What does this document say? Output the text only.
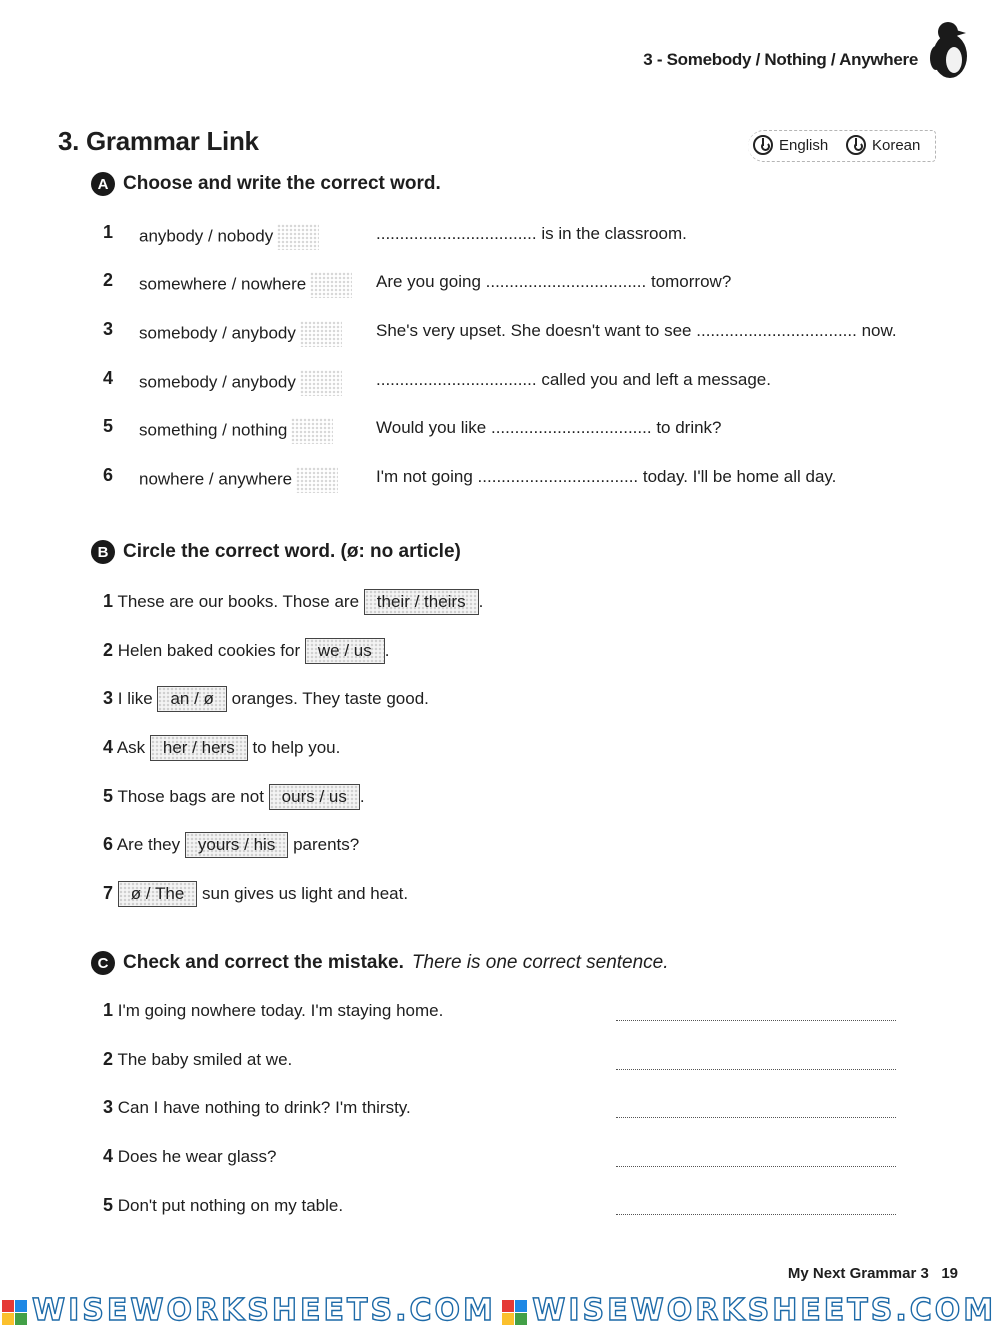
3 - Somebody / Nothing / Anywhere
3. Grammar Link	English	Korean
A Choose and write the correct word.
1 anybody / nobody	.................................. is in the classroom.
2 somewhere / nowhere	Are you going .................................. tomorrow?
3 somebody / anybody	She's very upset. She doesn't want to see .................................. now.
4 somebody / anybody	.................................. called you and left a message.
5 something / nothing	Would you like .................................. to drink?
6 nowhere / anywhere	I'm not going .................................. today. I'll be home all day.
B Circle the correct word. (ø: no article)
1 These are our books. Those are their / theirs .
2 Helen baked cookies for we / us .
3 I like an / ø oranges. They taste good.
4 Ask her / hers to help you.
5 Those bags are not ours / us .
6 Are they yours / his parents?
7 ø / The sun gives us light and heat.
C Check and correct the mistake. There is one correct sentence.
1 I'm going nowhere today. I'm staying home.
2 The baby smiled at we.
3 Can I have nothing to drink? I'm thirsty.
4 Does he wear glass?
5 Don't put nothing on my table.
My Next Grammar 3 19
WISEWORKSHEETS.COM WISEWORKSHEETS.COM
